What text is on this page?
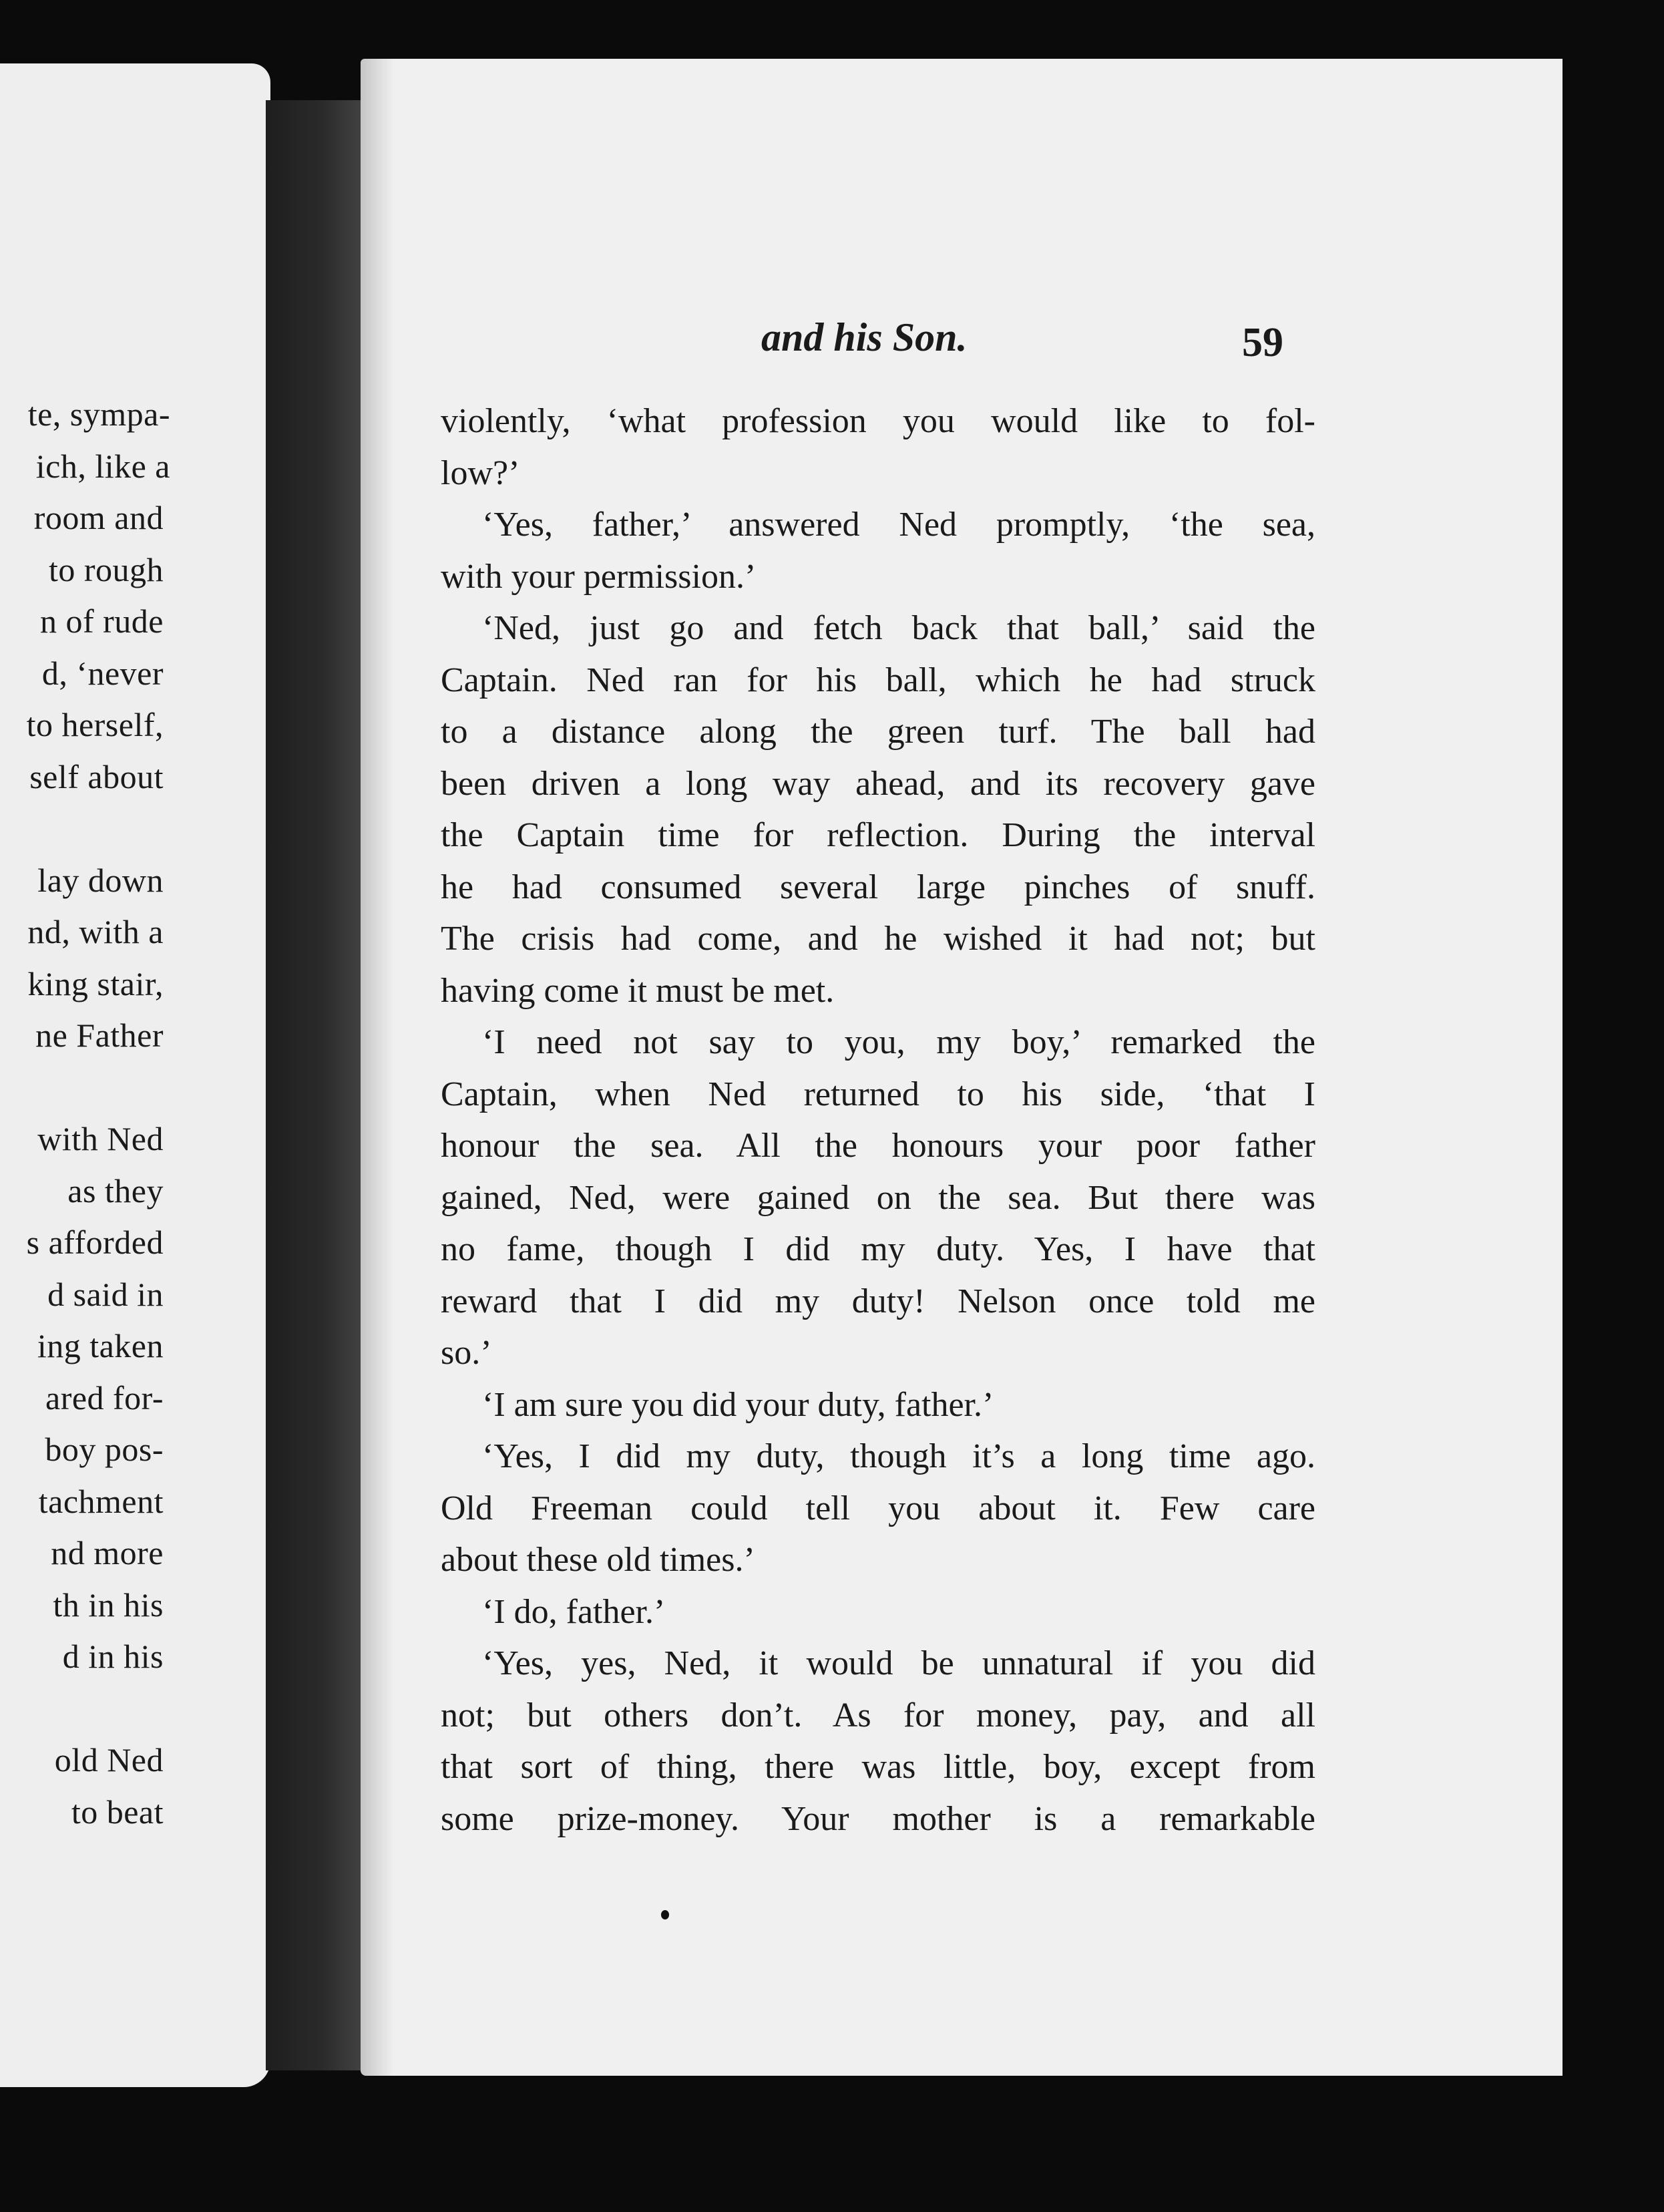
te, sympa-
ich, like a
room and
to rough
n of rude
d, ‘never
to herself,
self about
lay down
nd, with a
king stair,
ne Father
with Ned
as they
s afforded
d said in
ing taken
ared for-
boy pos-
tachment
nd more
th in his
d in his
old Ned
to beat
and his Son.	59
violently, ‘what profession you would like to fol-
low?’
‘Yes, father,’ answered Ned promptly, ‘the sea,
with your permission.’
‘Ned, just go and fetch back that ball,’ said the
Captain. Ned ran for his ball, which he had struck
to a distance along the green turf. The ball had
been driven a long way ahead, and its recovery gave
the Captain time for reflection. During the interval
he had consumed several large pinches of snuff.
The crisis had come, and he wished it had not; but
having come it must be met.
‘I need not say to you, my boy,’ remarked the
Captain, when Ned returned to his side, ‘that I
honour the sea. All the honours your poor father
gained, Ned, were gained on the sea. But there was
no fame, though I did my duty. Yes, I have that
reward that I did my duty! Nelson once told me
so.’
‘I am sure you did your duty, father.’
‘Yes, I did my duty, though it’s a long time ago.
Old Freeman could tell you about it. Few care
about these old times.’
‘I do, father.’
‘Yes, yes, Ned, it would be unnatural if you did
not; but others don’t. As for money, pay, and all
that sort of thing, there was little, boy, except from
some prize-money. Your mother is a remarkable
